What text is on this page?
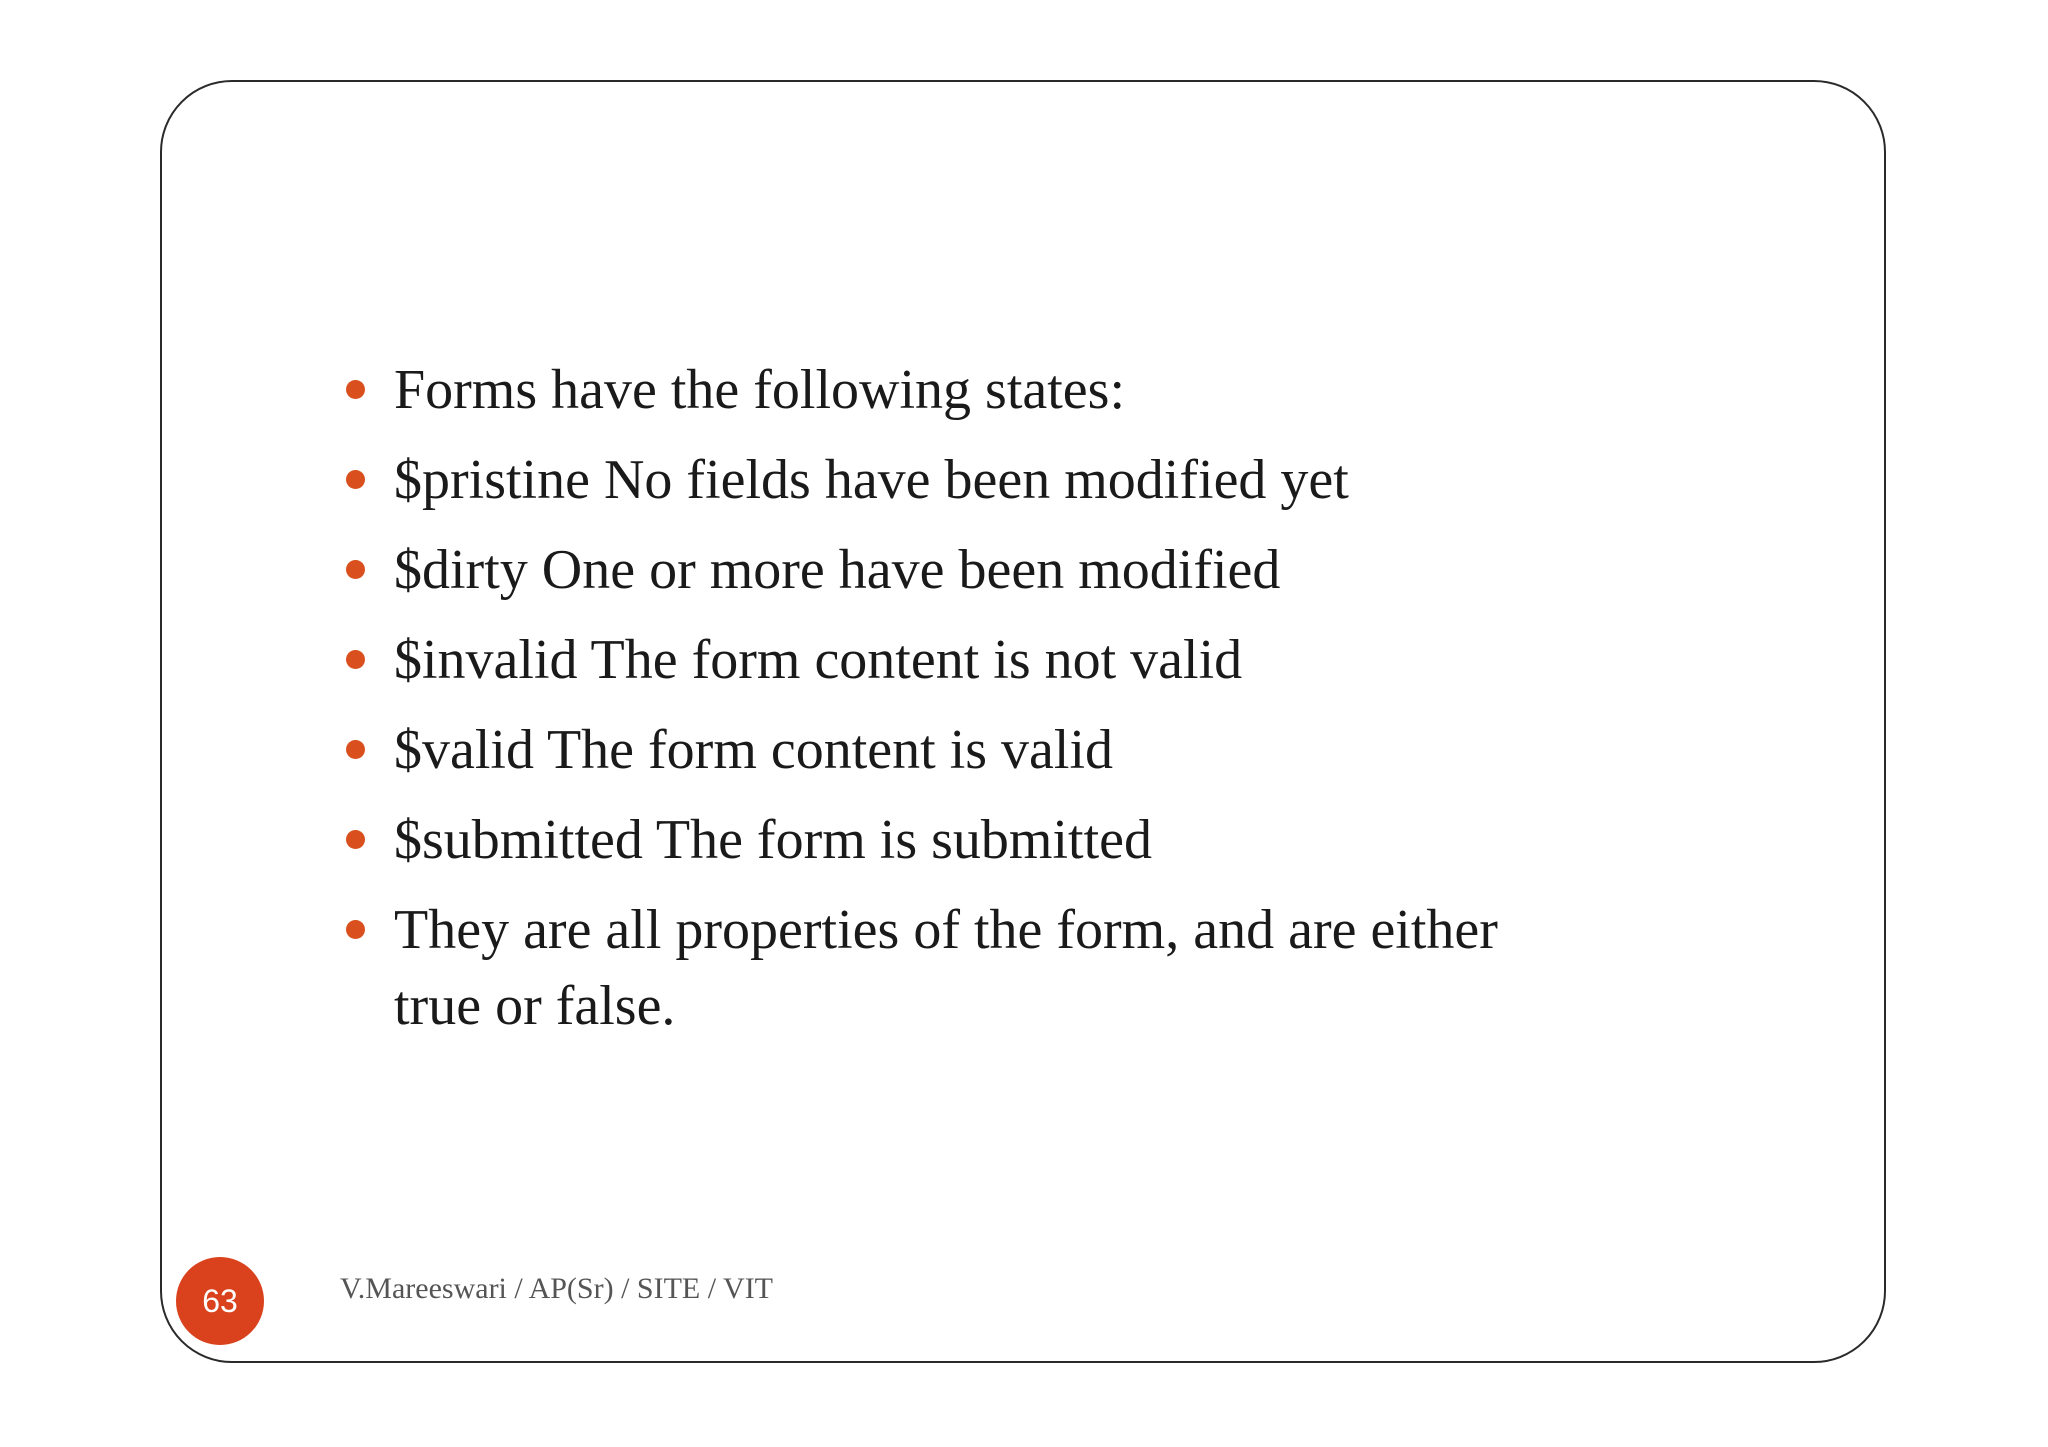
Forms have the following states:
$pristine No fields have been modified yet
$dirty One or more have been modified
$invalid The form content is not valid
$valid The form content is valid
$submitted The form is submitted
They are all properties of the form, and are either true or false.
63	V.Mareeswari / AP(Sr) / SITE / VIT
